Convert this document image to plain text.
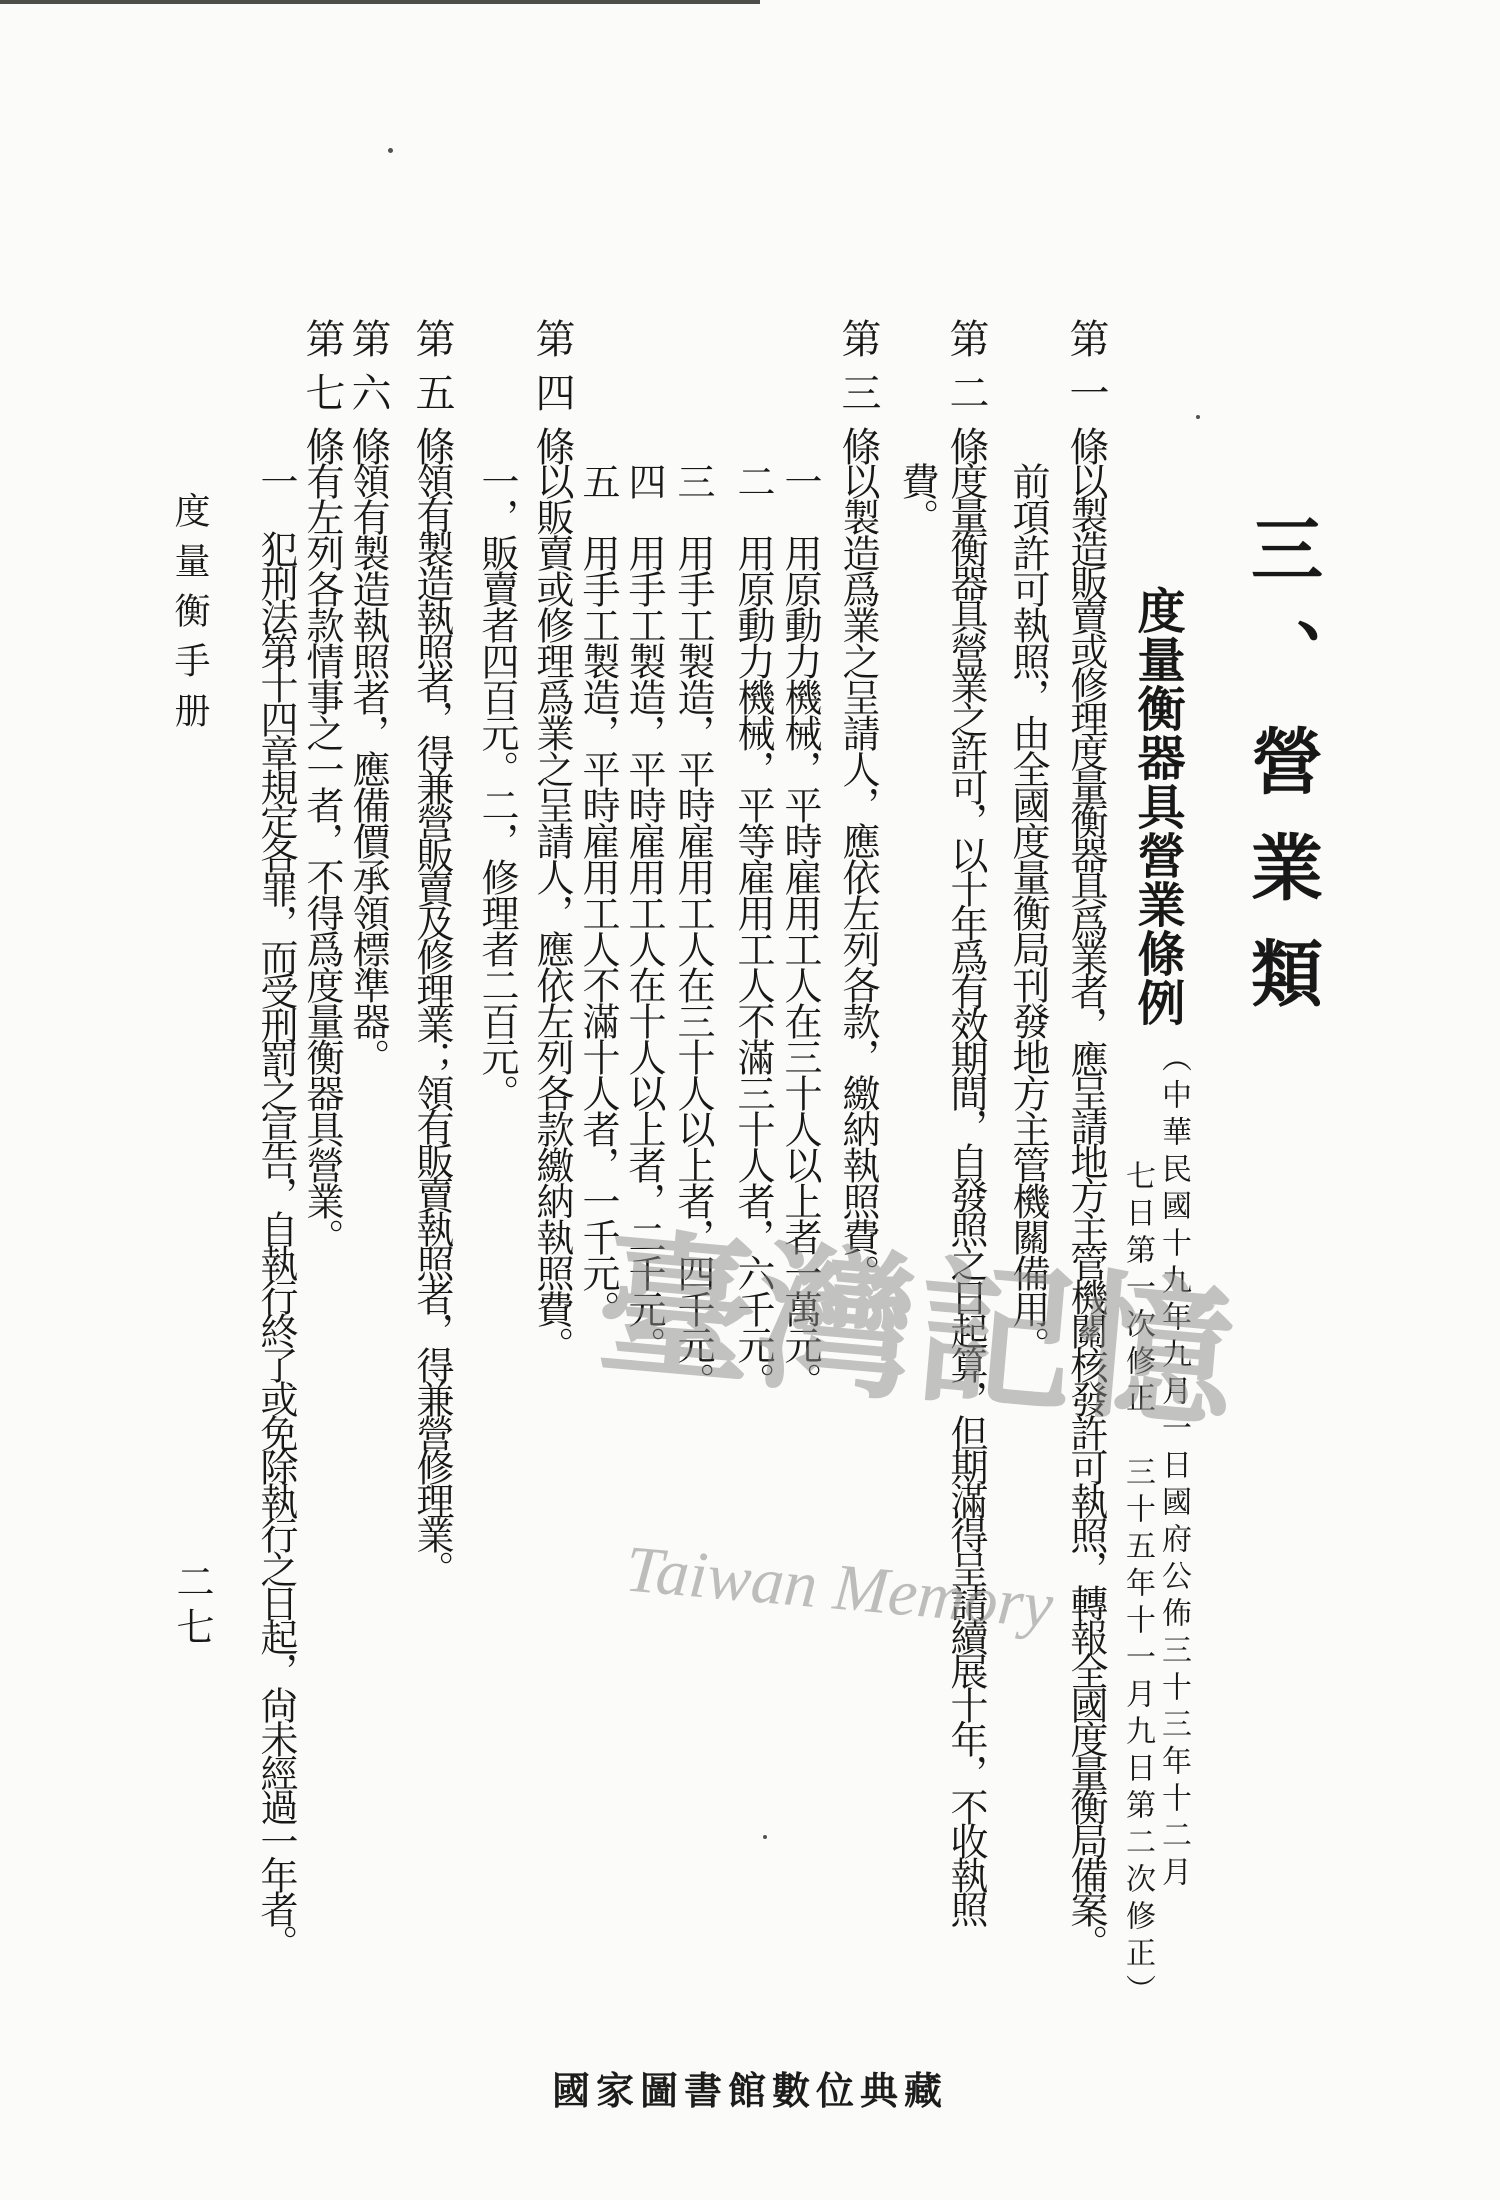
三、營業類
度量衡器具營業條例
（中華民國十九年九月一日國府公佈三十三年十二月
七日第一次修正　三十五年十一月九日第二次修正）
第一條
以製造販賣或修理度量衡器具爲業者，應呈請地方主管機關核發許可執照，轉報全國度量衡局備案。
前項許可執照，由全國度量衡局刊發地方主管機關備用。
第二條
度量衡器具營業之許可，以十年爲有效期間，自發照之日起算，但期滿得呈請續展十年，不收執照
費。
第三條
以製造爲業之呈請人，應依左列各款，繳納執照費。
一　用原動力機械，平時雇用工人在三十人以上者一萬元。
二　用原動力機械，平等雇用工人不滿三十人者，六千元。
三　用手工製造，平時雇用工人在三十人以上者，四千元。
四　用手工製造，平時雇用工人在十人以上者，二千元。
五　用手工製造，平時雇用工人不滿十人者，一千元。
第四條
以販賣或修理爲業之呈請人，應依左列各款繳納執照費。
一，販賣者四百元。二，修理者二百元。
第五條
領有製造執照者，得兼營販賣及修理業；領有販賣執照者，得兼營修理業。
第六條
領有製造執照者，應備價承領標準器。
第七條
有左列各款情事之一者，不得爲度量衡器具營業。
一　犯刑法第十四章規定各罪，而受刑罰之宣告，自執行終了或免除執行之日起，尙未經過一年者。
度量衡手册
二七
臺灣記憶
Taiwan Memory
國家圖書館數位典藏
